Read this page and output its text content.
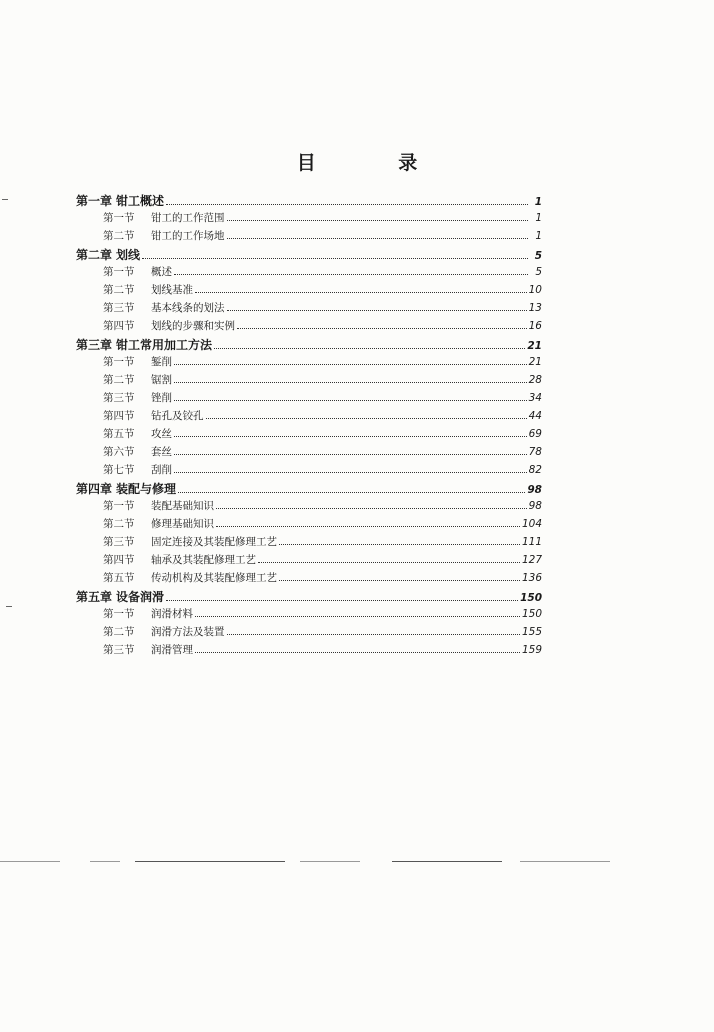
目 录
第一章 钳工概述	1
第一节	钳工的工作范围	1
第二节	钳工的工作场地	1
第二章 划线	5
第一节	概述	5
第二节	划线基准	10
第三节	基本线条的划法	13
第四节	划线的步骤和实例	16
第三章 钳工常用加工方法	21
第一节	錾削	21
第二节	锯割	28
第三节	锉削	34
第四节	钻孔及铰孔	44
第五节	攻丝	69
第六节	套丝	78
第七节	刮削	82
第四章 装配与修理	98
第一节	装配基础知识	98
第二节	修理基础知识	104
第三节	固定连接及其装配修理工艺	111
第四节	轴承及其装配修理工艺	127
第五节	传动机构及其装配修理工艺	136
第五章 设备润滑	150
第一节	润滑材料	150
第二节	润滑方法及装置	155
第三节	润滑管理	159
